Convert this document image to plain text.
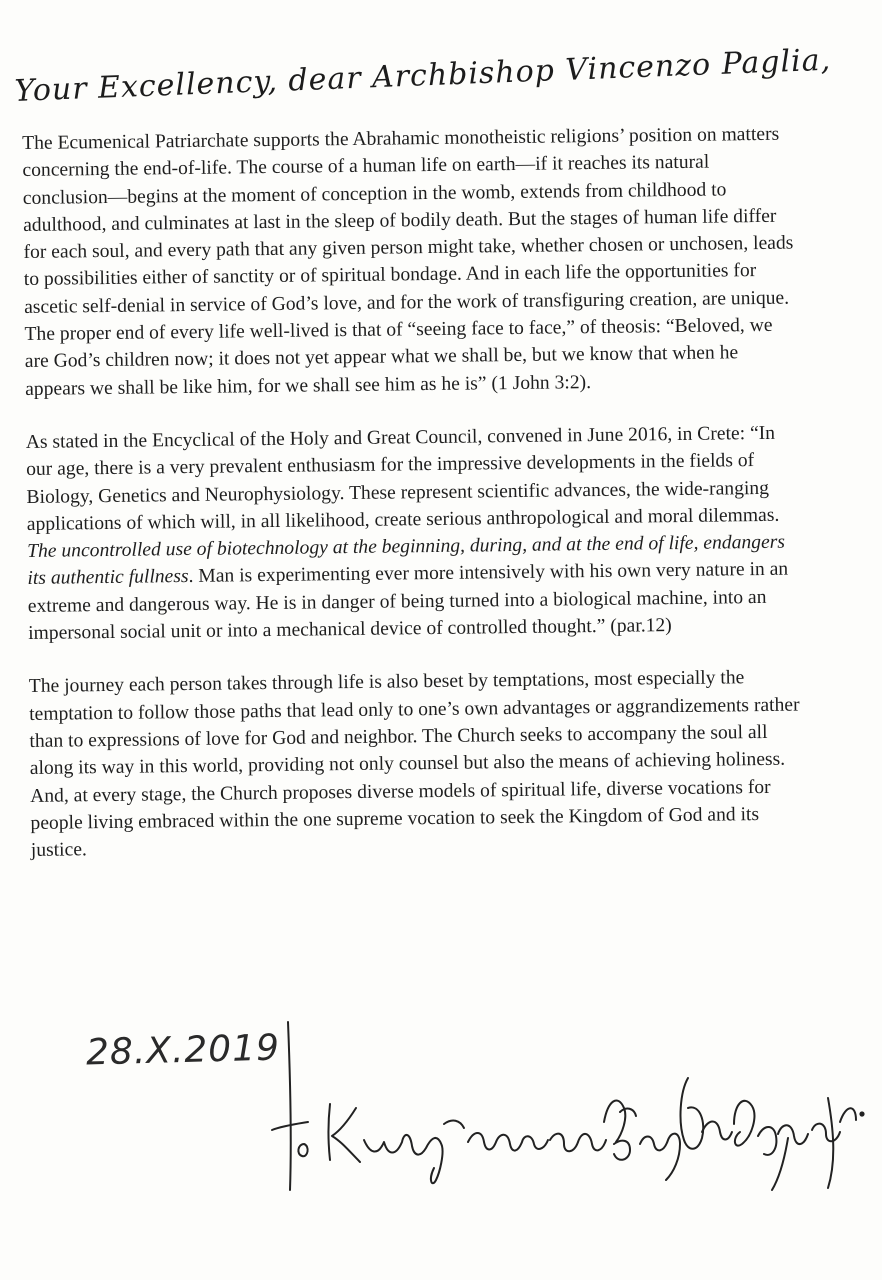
Your Excellency, dear Archbishop Vincenzo Paglia,

The Ecumenical Patriarchate supports the Abrahamic monotheistic religions’ position on matters concerning the end-of-life. The course of a human life on earth—if it reaches its natural conclusion—begins at the moment of conception in the womb, extends from childhood to adulthood, and culminates at last in the sleep of bodily death. But the stages of human life differ for each soul, and every path that any given person might take, whether chosen or unchosen, leads to possibilities either of sanctity or of spiritual bondage. And in each life the opportunities for ascetic self-denial in service of God’s love, and for the work of transfiguring creation, are unique. The proper end of every life well-lived is that of “seeing face to face,” of theosis: “Beloved, we are God’s children now; it does not yet appear what we shall be, but we know that when he appears we shall be like him, for we shall see him as he is” (1 John 3:2).

As stated in the Encyclical of the Holy and Great Council, convened in June 2016, in Crete: “In our age, there is a very prevalent enthusiasm for the impressive developments in the fields of Biology, Genetics and Neurophysiology. These represent scientific advances, the wide-ranging applications of which will, in all likelihood, create serious anthropological and moral dilemmas. The uncontrolled use of biotechnology at the beginning, during, and at the end of life, endangers its authentic fullness. Man is experimenting ever more intensively with his own very nature in an extreme and dangerous way. He is in danger of being turned into a biological machine, into an impersonal social unit or into a mechanical device of controlled thought.” (par.12)

The journey each person takes through life is also beset by temptations, most especially the temptation to follow those paths that lead only to one’s own advantages or aggrandizements rather than to expressions of love for God and neighbor. The Church seeks to accompany the soul all along its way in this world, providing not only counsel but also the means of achieving holiness. And, at every stage, the Church proposes diverse models of spiritual life, diverse vocations for people living embraced within the one supreme vocation to seek the Kingdom of God and its justice.

28.X.2019
